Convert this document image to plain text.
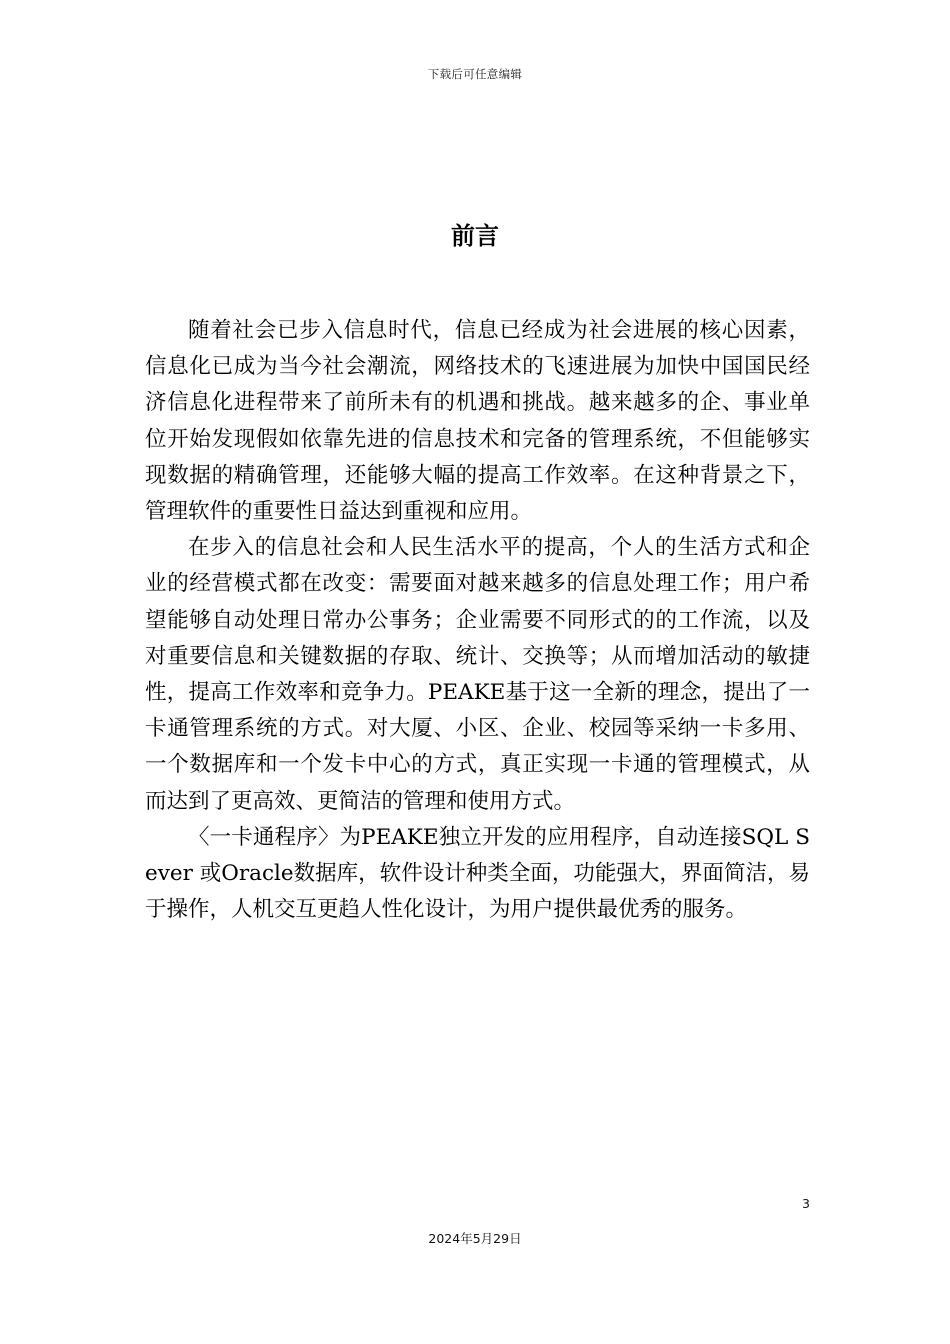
下载后可任意编辑
前言

随着社会已步入信息时代，信息已经成为社会进展的核心因素，信息化已成为当今社会潮流，网络技术的飞速进展为加快中国国民经济信息化进程带来了前所未有的机遇和挑战。越来越多的企、事业单位开始发现假如依靠先进的信息技术和完备的管理系统，不但能够实现数据的精确管理，还能够大幅的提高工作效率。在这种背景之下，管理软件的重要性日益达到重视和应用。

在步入的信息社会和人民生活水平的提高，个人的生活方式和企业的经营模式都在改变：需要面对越来越多的信息处理工作；用户希望能够自动处理日常办公事务；企业需要不同形式的的工作流，以及对重要信息和关键数据的存取、统计、交换等；从而增加活动的敏捷性，提高工作效率和竞争力。PEAKE基于这一全新的理念，提出了一卡通管理系统的方式。对大厦、小区、企业、校园等采纳一卡多用、一个数据库和一个发卡中心的方式，真正实现一卡通的管理模式，从而达到了更高效、更简洁的管理和使用方式。

〈一卡通程序〉为PEAKE独立开发的应用程序，自动连接SQL Sever 或Oracle数据库，软件设计种类全面，功能强大，界面简洁，易于操作，人机交互更趋人性化设计，为用户提供最优秀的服务。

3
2024年5月29日
